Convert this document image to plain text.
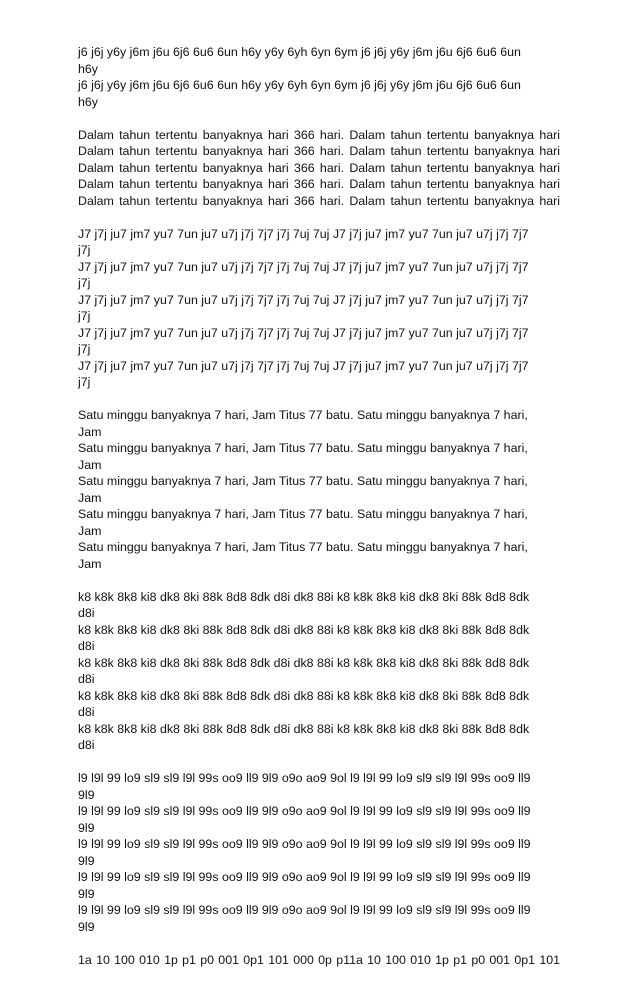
j6 j6j y6y j6m j6u 6j6 6u6 6un h6y y6y 6yh 6yn 6ym j6 j6j y6y j6m j6u 6j6 6u6 6un
h6y
j6 j6j y6y j6m j6u 6j6 6u6 6un h6y y6y 6yh 6yn 6ym j6 j6j y6y j6m j6u 6j6 6u6 6un
h6y
Dalam tahun tertentu banyaknya hari 366 hari. Dalam tahun tertentu banyaknya hari
Dalam tahun tertentu banyaknya hari 366 hari. Dalam tahun tertentu banyaknya hari
Dalam tahun tertentu banyaknya hari 366 hari. Dalam tahun tertentu banyaknya hari
Dalam tahun tertentu banyaknya hari 366 hari. Dalam tahun tertentu banyaknya hari
Dalam tahun tertentu banyaknya hari 366 hari. Dalam tahun tertentu banyaknya hari
J7 j7j ju7 jm7 yu7 7un ju7 u7j j7j 7j7 j7j 7uj 7uj J7 j7j ju7 jm7 yu7 7un ju7 u7j j7j 7j7
j7j
J7 j7j ju7 jm7 yu7 7un ju7 u7j j7j 7j7 j7j 7uj 7uj J7 j7j ju7 jm7 yu7 7un ju7 u7j j7j 7j7
j7j
J7 j7j ju7 jm7 yu7 7un ju7 u7j j7j 7j7 j7j 7uj 7uj J7 j7j ju7 jm7 yu7 7un ju7 u7j j7j 7j7
j7j
J7 j7j ju7 jm7 yu7 7un ju7 u7j j7j 7j7 j7j 7uj 7uj J7 j7j ju7 jm7 yu7 7un ju7 u7j j7j 7j7
j7j
J7 j7j ju7 jm7 yu7 7un ju7 u7j j7j 7j7 j7j 7uj 7uj J7 j7j ju7 jm7 yu7 7un ju7 u7j j7j 7j7
j7j
Satu minggu banyaknya 7 hari, Jam Titus 77 batu. Satu minggu banyaknya 7 hari,
Jam
Satu minggu banyaknya 7 hari, Jam Titus 77 batu. Satu minggu banyaknya 7 hari,
Jam
Satu minggu banyaknya 7 hari, Jam Titus 77 batu. Satu minggu banyaknya 7 hari,
Jam
Satu minggu banyaknya 7 hari, Jam Titus 77 batu. Satu minggu banyaknya 7 hari,
Jam
Satu minggu banyaknya 7 hari, Jam Titus 77 batu. Satu minggu banyaknya 7 hari,
Jam
k8 k8k 8k8 ki8 dk8 8ki 88k 8d8 8dk d8i dk8 88i k8 k8k 8k8 ki8 dk8 8ki 88k 8d8 8dk
d8i
k8 k8k 8k8 ki8 dk8 8ki 88k 8d8 8dk d8i dk8 88i k8 k8k 8k8 ki8 dk8 8ki 88k 8d8 8dk
d8i
k8 k8k 8k8 ki8 dk8 8ki 88k 8d8 8dk d8i dk8 88i k8 k8k 8k8 ki8 dk8 8ki 88k 8d8 8dk
d8i
k8 k8k 8k8 ki8 dk8 8ki 88k 8d8 8dk d8i dk8 88i k8 k8k 8k8 ki8 dk8 8ki 88k 8d8 8dk
d8i
k8 k8k 8k8 ki8 dk8 8ki 88k 8d8 8dk d8i dk8 88i k8 k8k 8k8 ki8 dk8 8ki 88k 8d8 8dk
d8i
l9 l9l 99 lo9 sl9 sl9 l9l 99s oo9 ll9 9l9 o9o ao9 9ol l9 l9l 99 lo9 sl9 sl9 l9l 99s oo9 ll9
9l9
l9 l9l 99 lo9 sl9 sl9 l9l 99s oo9 ll9 9l9 o9o ao9 9ol l9 l9l 99 lo9 sl9 sl9 l9l 99s oo9 ll9
9l9
l9 l9l 99 lo9 sl9 sl9 l9l 99s oo9 ll9 9l9 o9o ao9 9ol l9 l9l 99 lo9 sl9 sl9 l9l 99s oo9 ll9
9l9
l9 l9l 99 lo9 sl9 sl9 l9l 99s oo9 ll9 9l9 o9o ao9 9ol l9 l9l 99 lo9 sl9 sl9 l9l 99s oo9 ll9
9l9
l9 l9l 99 lo9 sl9 sl9 l9l 99s oo9 ll9 9l9 o9o ao9 9ol l9 l9l 99 lo9 sl9 sl9 l9l 99s oo9 ll9
9l9
1a 10 100 010 1p p1 p0 001 0p1 101 000 0p p11a 10 100 010 1p p1 p0 001 0p1 101
